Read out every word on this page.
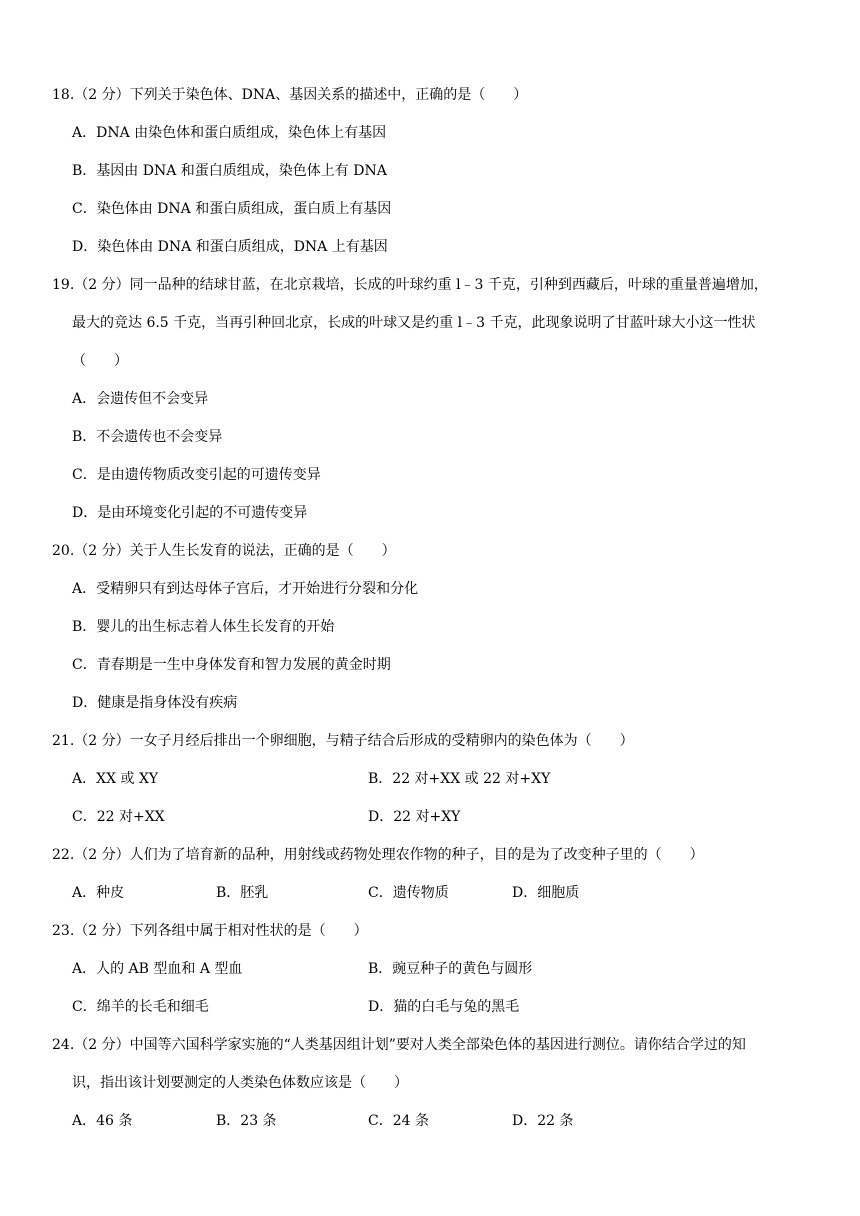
18.（2 分）下列关于染色体、DNA、基因关系的描述中，正确的是（　　）
A．DNA 由染色体和蛋白质组成，染色体上有基因
B．基因由 DNA 和蛋白质组成，染色体上有 DNA
C．染色体由 DNA 和蛋白质组成，蛋白质上有基因
D．染色体由 DNA 和蛋白质组成，DNA 上有基因
19.（2 分）同一品种的结球甘蓝，在北京栽培，长成的叶球约重 l﹣3 千克，引种到西藏后，叶球的重量普遍增加，
最大的竞达 6.5 千克，当再引种回北京，长成的叶球又是约重 l﹣3 千克，此现象说明了甘蓝叶球大小这一性状
（　　）
A．会遗传但不会变异
B．不会遗传也不会变异
C．是由遗传物质改变引起的可遗传变异
D．是由环境变化引起的不可遗传变异
20.（2 分）关于人生长发育的说法，正确的是（　　）
A．受精卵只有到达母体子宫后，才开始进行分裂和分化
B．婴儿的出生标志着人体生长发育的开始
C．青春期是一生中身体发育和智力发展的黄金时期
D．健康是指身体没有疾病
21.（2 分）一女子月经后排出一个卵细胞，与精子结合后形成的受精卵内的染色体为（　　）
A．XX 或 XY	B．22 对+XX 或 22 对+XY
C．22 对+XX	D．22 对+XY
22.（2 分）人们为了培育新的品种，用射线或药物处理农作物的种子，目的是为了改变种子里的（　　）
A．种皮	B．胚乳	C．遗传物质	D．细胞质
23.（2 分）下列各组中属于相对性状的是（　　）
A．人的 AB 型血和 A 型血	B．豌豆种子的黄色与圆形
C．绵羊的长毛和细毛	D．猫的白毛与兔的黑毛
24.（2 分）中国等六国科学家实施的“人类基因组计划”要对人类全部染色体的基因进行测位。请你结合学过的知
识，指出该计划要测定的人类染色体数应该是（　　）
A．46 条	B．23 条	C．24 条	D．22 条
